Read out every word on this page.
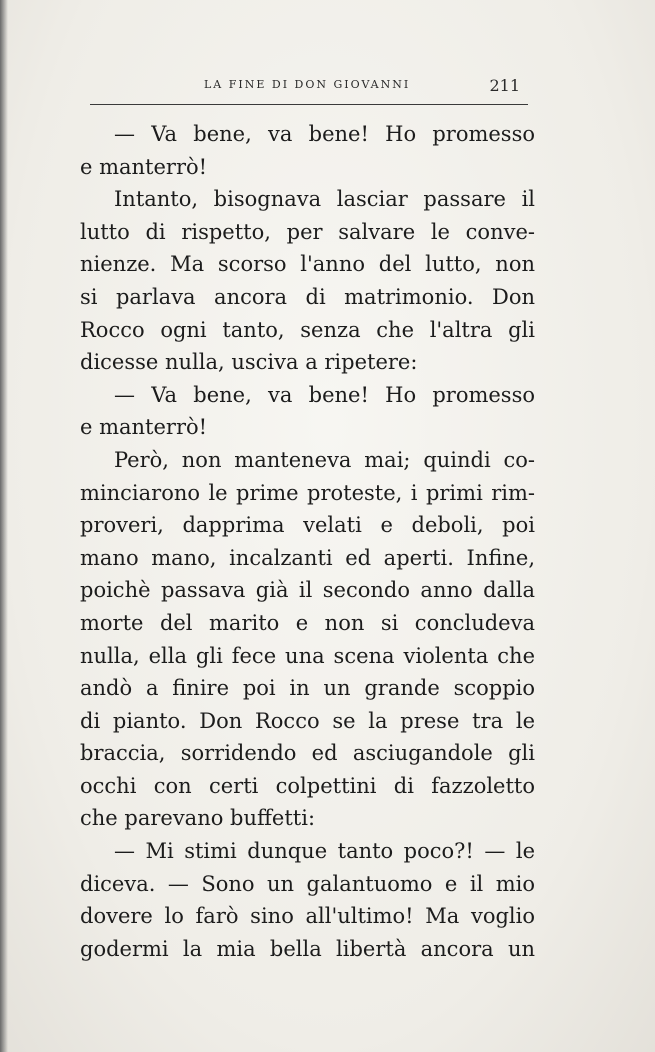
LA FINE DI DON GIOVANNI	211
— Va bene, va bene! Ho promesso
e manterrò!
Intanto, bisognava lasciar passare il
lutto di rispetto, per salvare le conve-
nienze. Ma scorso l'anno del lutto, non
si parlava ancora di matrimonio. Don
Rocco ogni tanto, senza che l'altra gli
dicesse nulla, usciva a ripetere:
— Va bene, va bene! Ho promesso
e manterrò!
Però, non manteneva mai; quindi co-
minciarono le prime proteste, i primi rim-
proveri, dapprima velati e deboli, poi
mano mano, incalzanti ed aperti. Infine,
poichè passava già il secondo anno dalla
morte del marito e non si concludeva
nulla, ella gli fece una scena violenta che
andò a finire poi in un grande scoppio
di pianto. Don Rocco se la prese tra le
braccia, sorridendo ed asciugandole gli
occhi con certi colpettini di fazzoletto
che parevano buffetti:
— Mi stimi dunque tanto poco?! — le
diceva. — Sono un galantuomo e il mio
dovere lo farò sino all'ultimo! Ma voglio
godermi la mia bella libertà ancora un
